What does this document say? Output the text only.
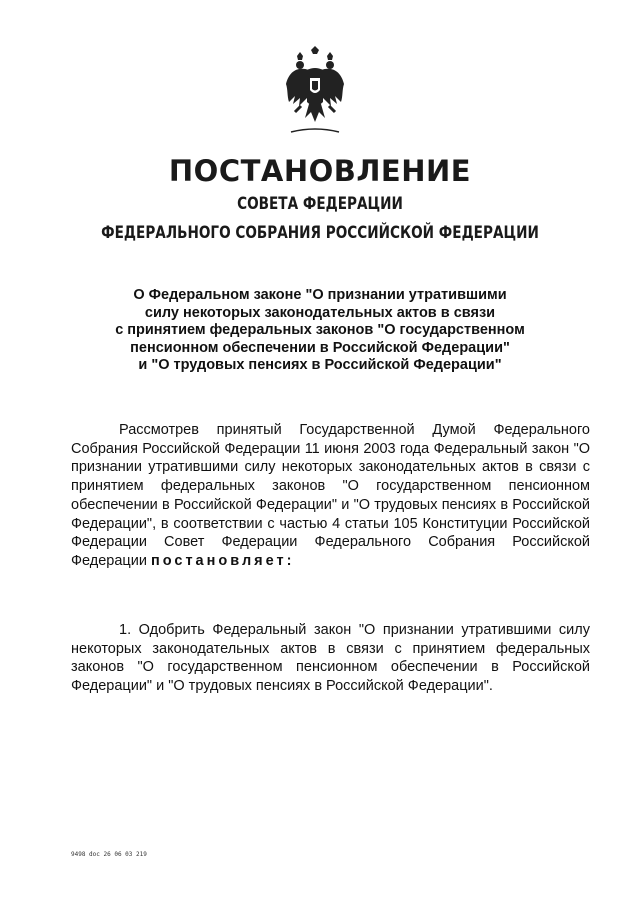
ПОСТАНОВЛЕНИЕ
СОВЕТА ФЕДЕРАЦИИ
ФЕДЕРАЛЬНОГО СОБРАНИЯ РОССИЙСКОЙ ФЕДЕРАЦИИ
О Федеральном законе "О признании утратившими
силу некоторых законодательных актов в связи
с принятием федеральных законов "О государственном
пенсионном обеспечении в Российской Федерации"
и "О трудовых пенсиях в Российской Федерации"
Рассмотрев принятый Государственной Думой Федерального Собрания Российской Федерации 11 июня 2003 года Федеральный закон "О признании утратившими силу некоторых законодательных актов в связи с принятием федеральных законов "О государственном пенсионном обеспечении в Российской Федерации" и "О трудовых пенсиях в Российской Федерации", в соответствии с частью 4 статьи 105 Конституции Российской Федерации Совет Федерации Федерального Собрания Российской Федерации постановляет:
1. Одобрить Федеральный закон "О признании утратившими силу некоторых законодательных актов в связи с принятием федеральных законов "О государственном пенсионном обеспечении в Российской Федерации" и "О трудовых пенсиях в Российской Федерации".
9498 doc 26 06 03 219
